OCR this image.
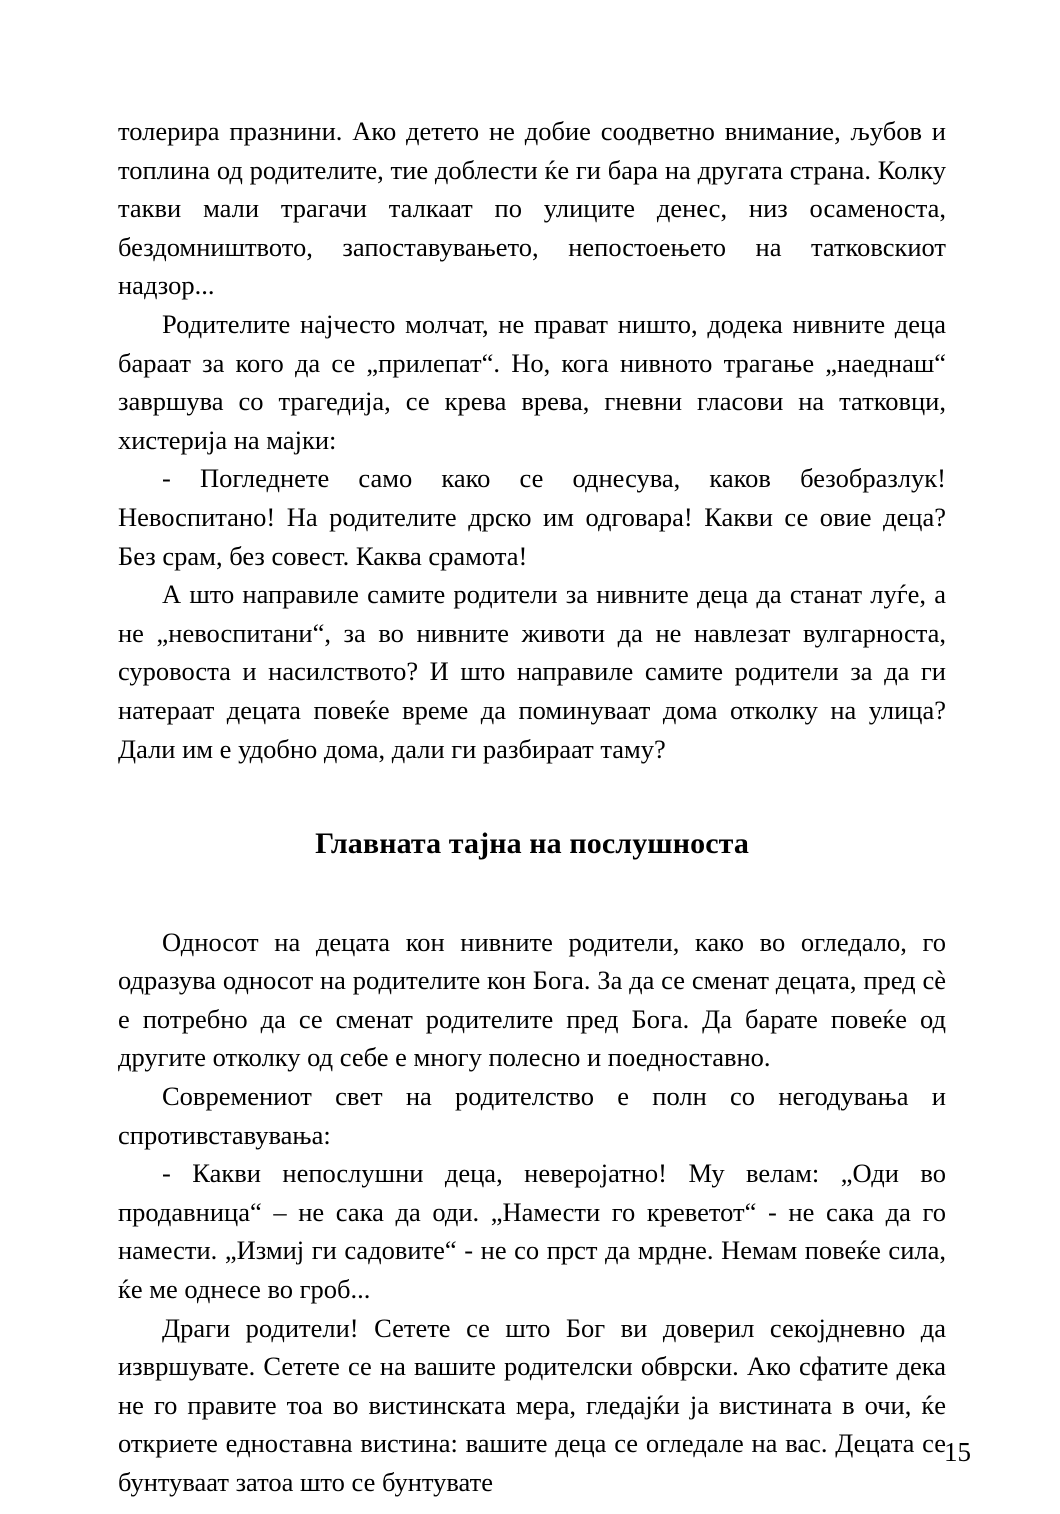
толерира празнини. Ако детето не добие соодветно внимание, љубов и топлина од родителите, тие доблести ќе ги бара на другата страна. Колку такви мали трагачи талкаат по улиците денес, низ осаменоста, бездомништвото, запоставувањето, непостоењето на татковскиот надзор...

Родителите најчесто молчат, не прават ништо, додека нивните деца бараат за кого да се „прилепат“. Но, кога нивното трагање „наеднаш“ завршува со трагедија, се крева врева, гневни гласови на татковци, хистерија на мајки:

- Погледнете само како се однесува, каков безобразлук! Невоспитано! На родителите дрско им одговара! Какви се овие деца? Без срам, без совест. Каква срамота!

А што направиле самите родители за нивните деца да станат луѓе, а не „невоспитани“, за во нивните животи да не навлезат вулгарноста, суровоста и насилството? И што направиле самите родители за да ги натераат децата повеќе време да поминуваат дома отколку на улица? Дали им е удобно дома, дали ги разбираат таму?

Главната тајна на послушноста

Односот на децата кон нивните родители, како во огледало, го одразува односот на родителите кон Бога. За да се сменат децата, пред сè е потребно да се сменат родителите пред Бога. Да барате повеќе од другите отколку од себе е многу полесно и поедноставно.

Современиот свет на родителство е полн со негодувања и спротивставувања:

- Какви непослушни деца, неверојатно! Му велам: „Оди во продавница“ – не сака да оди. „Намести го креветот“ - не сака да го намести. „Измиј ги садовите“ - не со прст да мрдне. Немам повеќе сила, ќе ме однесе во гроб...

Драги родители! Сетете се што Бог ви доверил секојдневно да извршувате. Сетете се на вашите родителски обврски. Ако сфатите дека не го правите тоа во вистинската мера, гледајќи ја вистината в очи, ќе откриете едноставна вистина: вашите деца се огледале на вас. Децата се бунтуваат затоа што се бунтувате

15
